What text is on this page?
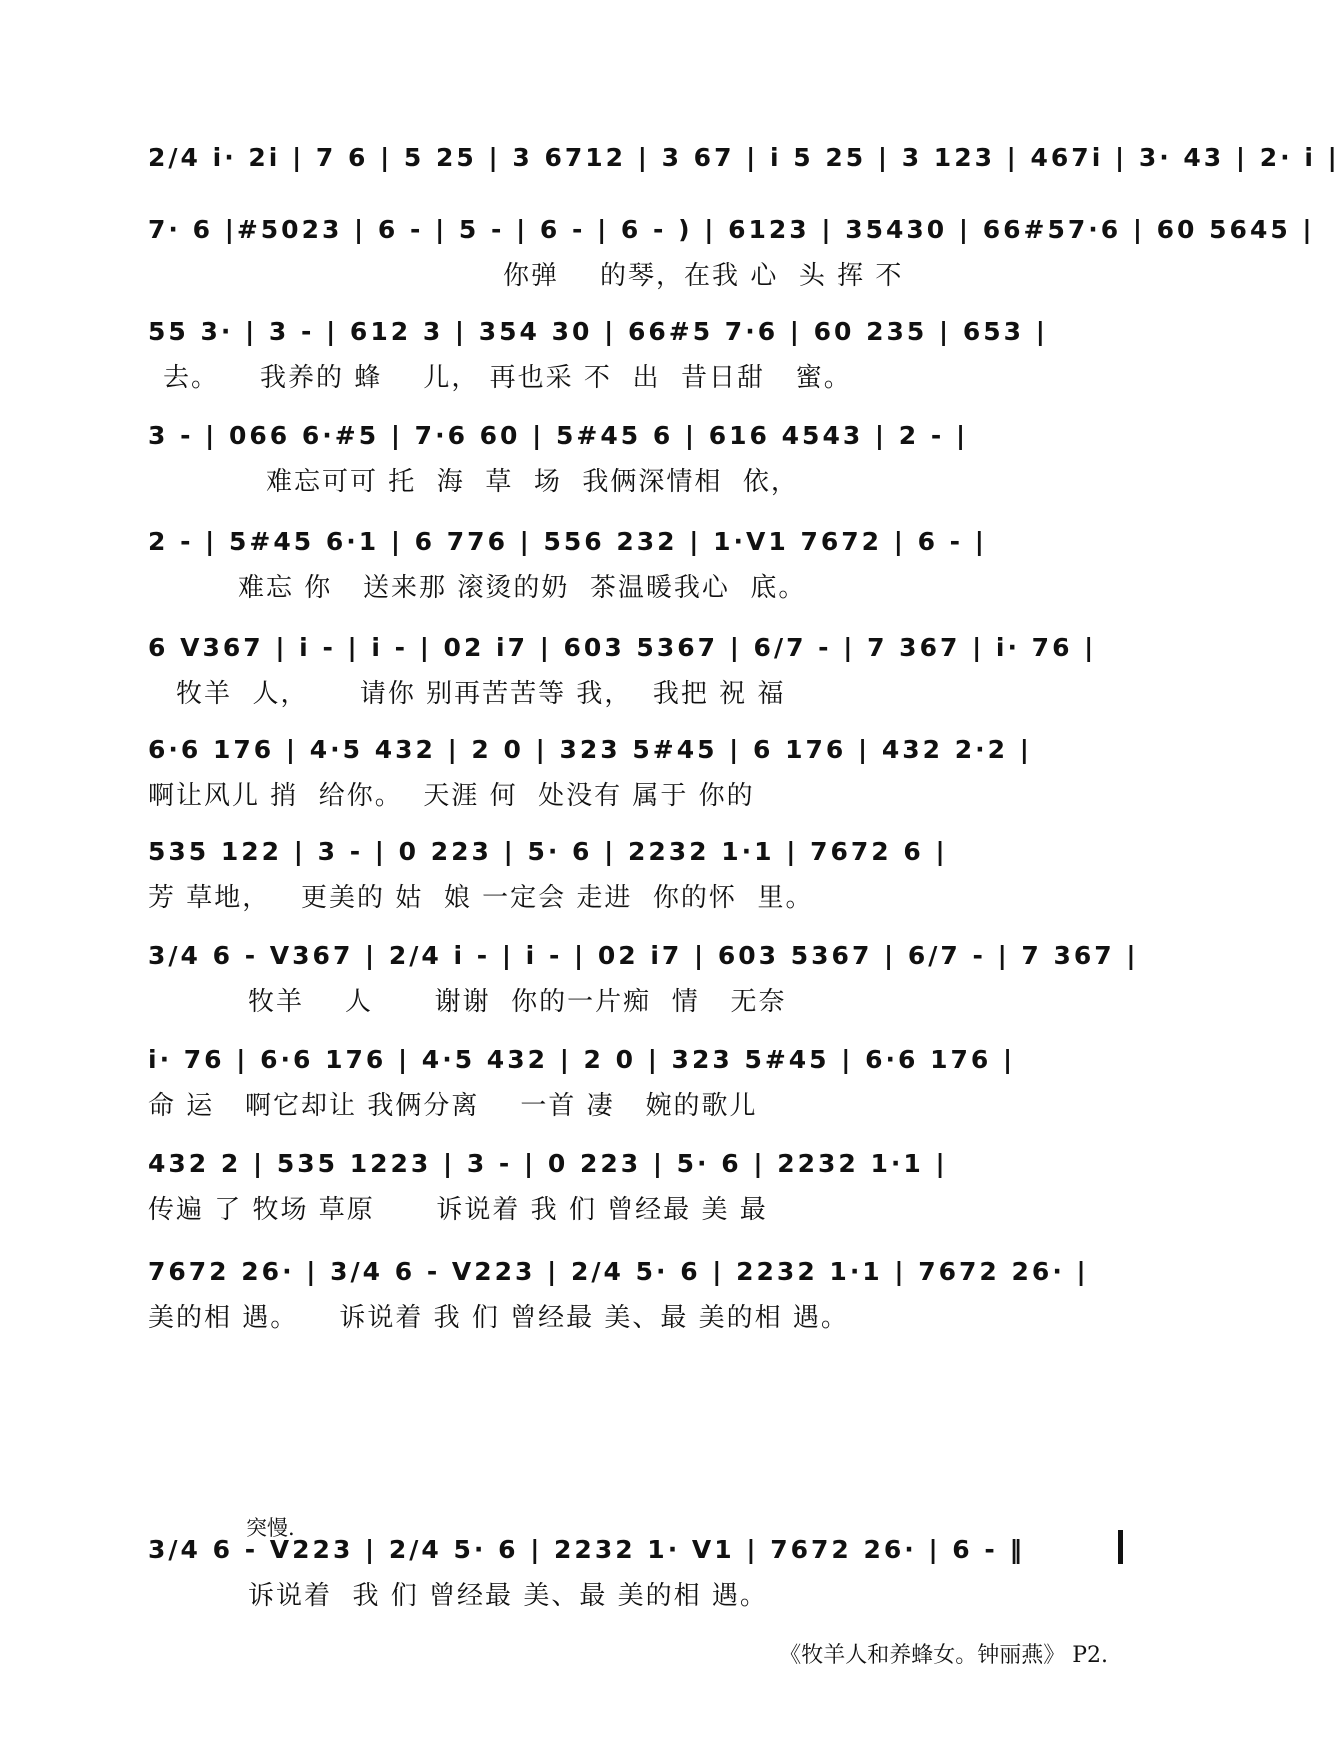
2/4 i· 2i | 7 6 | 5 25 | 3 6712 | 3 67 | i 5 25 | 3 123 | 467i | 3· 43 | 2· i |
7· 6 |#5023 | 6 - | 5 - | 6 - | 6 - ) | 6123 | 35430 | 66#57·6 | 60 5645 |
你弹    的琴，在我 心  头 挥 不
55 3· | 3 - | 612 3 | 354 30 | 66#5 7·6 | 60 235 | 653 |
去。    我养的 蜂    儿， 再也采 不  出  昔日甜   蜜。
3 - | 066 6·#5 | 7·6 60 | 5#45 6 | 616 4543 | 2 - |
难忘可可 托  海  草  场  我俩深情相  依，
2 - | 5#45 6·1 | 6 776 | 556 232 | 1·V1 7672 | 6 - |
难忘 你   送来那 滚烫的奶  茶温暖我心  底。
6 V367 | i - | i - | 02 i7 | 603 5367 | 6/7 - | 7 367 | i· 76 |
牧羊  人，     请你 别再苦苦等 我，  我把 祝 福
6·6 176 | 4·5 432 | 2 0 | 323 5#45 | 6 176 | 432 2·2 |
啊让风儿 捎  给你。  天涯 何  处没有 属于 你的
535 122 | 3 - | 0 223 | 5· 6 | 2232 1·1 | 7672 6 |
芳 草地，   更美的 姑  娘 一定会 走进  你的怀  里。
3/4 6 - V367 | 2/4 i - | i - | 02 i7 | 603 5367 | 6/7 - | 7 367 |
牧羊    人      谢谢  你的一片痴  情   无奈
i· 76 | 6·6 176 | 4·5 432 | 2 0 | 323 5#45 | 6·6 176 |
命 运   啊它却让 我俩分离    一首 凄   婉的歌儿
432 2 | 535 1223 | 3 - | 0 223 | 5· 6 | 2232 1·1 |
传遍 了 牧场 草原      诉说着 我 们 曾经最 美 最
7672 26· | 3/4 6 - V223 | 2/4 5· 6 | 2232 1·1 | 7672 26· |
美的相 遇。    诉说着 我 们 曾经最 美、最 美的相 遇。
突慢.
3/4 6 - V223 | 2/4 5· 6 | 2232 1· V1 | 7672 26· | 6 - ‖
诉说着  我 们 曾经最 美、最 美的相 遇。
《牧羊人和养蜂女。钟丽燕》 P2.
